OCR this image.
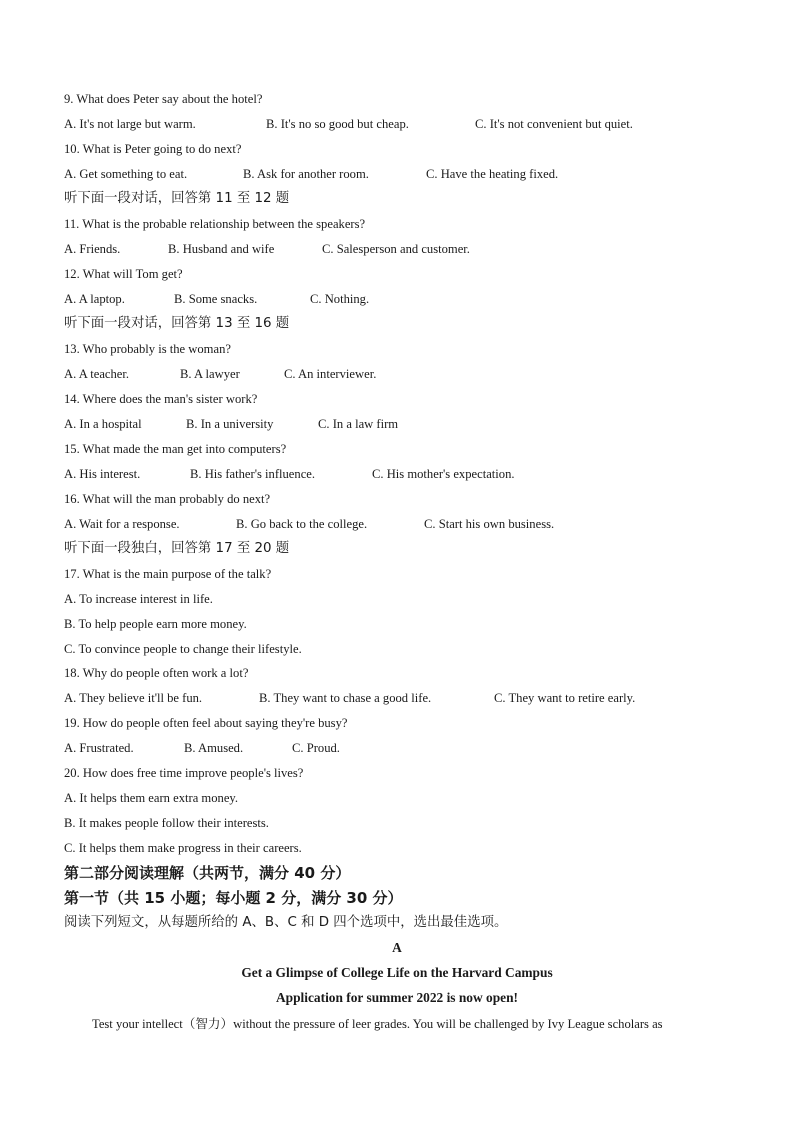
9. What does Peter say about the hotel?
A. It's not large but warm.	B. It's no so good but cheap.	C. It's not convenient but quiet.
10. What is Peter going to do next?
A. Get something to eat.	B. Ask for another room.	C. Have the heating fixed.
听下面一段对话，回答第 11 至 12 题
11. What is the probable relationship between the speakers?
A. Friends.	B. Husband and wife	C. Salesperson and customer.
12. What will Tom get?
A. A laptop.	B. Some snacks.	C. Nothing.
听下面一段对话，回答第 13 至 16 题
13. Who probably is the woman?
A. A teacher.	B. A lawyer	C. An interviewer.
14. Where does the man's sister work?
A. In a hospital	B. In a university	C. In a law firm
15. What made the man get into computers?
A. His interest.	B. His father's influence.	C. His mother's expectation.
16. What will the man probably do next?
A. Wait for a response.	B. Go back to the college.	C. Start his own business.
听下面一段独白，回答第 17 至 20 题
17. What is the main purpose of the talk?
A. To increase interest in life.
B. To help people earn more money.
C. To convince people to change their lifestyle.
18. Why do people often work a lot?
A. They believe it'll be fun.	B. They want to chase a good life.	C. They want to retire early.
19. How do people often feel about saying they're busy?
A. Frustrated.	B. Amused.	C. Proud.
20. How does free time improve people's lives?
A. It helps them earn extra money.
B. It makes people follow their interests.
C. It helps them make progress in their careers.
第二部分阅读理解（共两节，满分 40 分）
第一节（共 15 小题；每小题 2 分，满分 30 分）
阅读下列短文，从每题所给的 A、B、C 和 D 四个选项中，选出最佳选项。
A
Get a Glimpse of College Life on the Harvard Campus
Application for summer 2022 is now open!
Test your intellect（智力）without the pressure of leer grades. You will be challenged by Ivy League scholars as
